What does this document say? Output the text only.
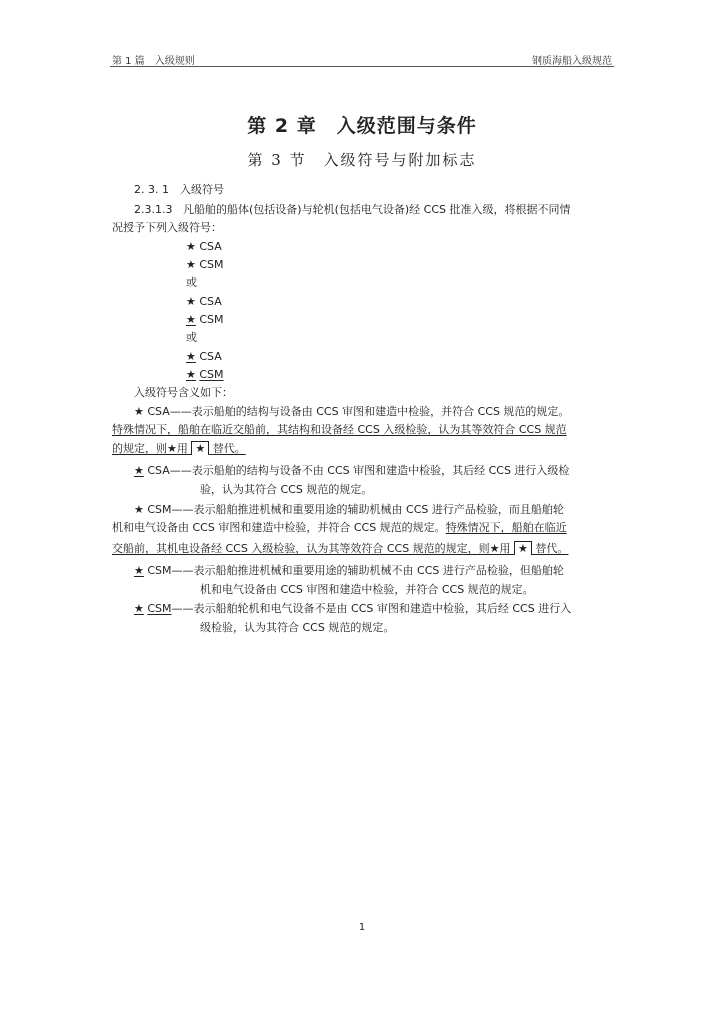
第 1 篇　入级规则	钢质海船入级规范
第 2 章　入级范围与条件
第 3 节　入级符号与附加标志
2. 3. 1　入级符号
2.3.1.3 凡船舶的船体(包括设备)与轮机(包括电气设备)经 CCS 批准入级，将根据不同情
况授予下列入级符号：
★ CSA
★ CSM
或
★ CSA
★ CSM
或
★ CSA
★ CSM
入级符号含义如下：
★ CSA——表示船舶的结构与设备由 CCS 审图和建造中检验，并符合 CCS 规范的规定。
特殊情况下，船舶在临近交船前，其结构和设备经 CCS 入级检验，认为其等效符合 CCS 规范
的规定，则★用 ★ 替代。
★ CSA——表示船舶的结构与设备不由 CCS 审图和建造中检验，其后经 CCS 进行入级检
验，认为其符合 CCS 规范的规定。
★ CSM——表示船舶推进机械和重要用途的辅助机械由 CCS 进行产品检验，而且船舶轮
机和电气设备由 CCS 审图和建造中检验，并符合 CCS 规范的规定。特殊情况下，船舶在临近
交船前，其机电设备经 CCS 入级检验，认为其等效符合 CCS 规范的规定，则★用 ★ 替代。
★ CSM——表示船舶推进机械和重要用途的辅助机械不由 CCS 进行产品检验，但船舶轮
机和电气设备由 CCS 审图和建造中检验，并符合 CCS 规范的规定。
★ CSM——表示船舶轮机和电气设备不是由 CCS 审图和建造中检验，其后经 CCS 进行入
级检验，认为其符合 CCS 规范的规定。
1
